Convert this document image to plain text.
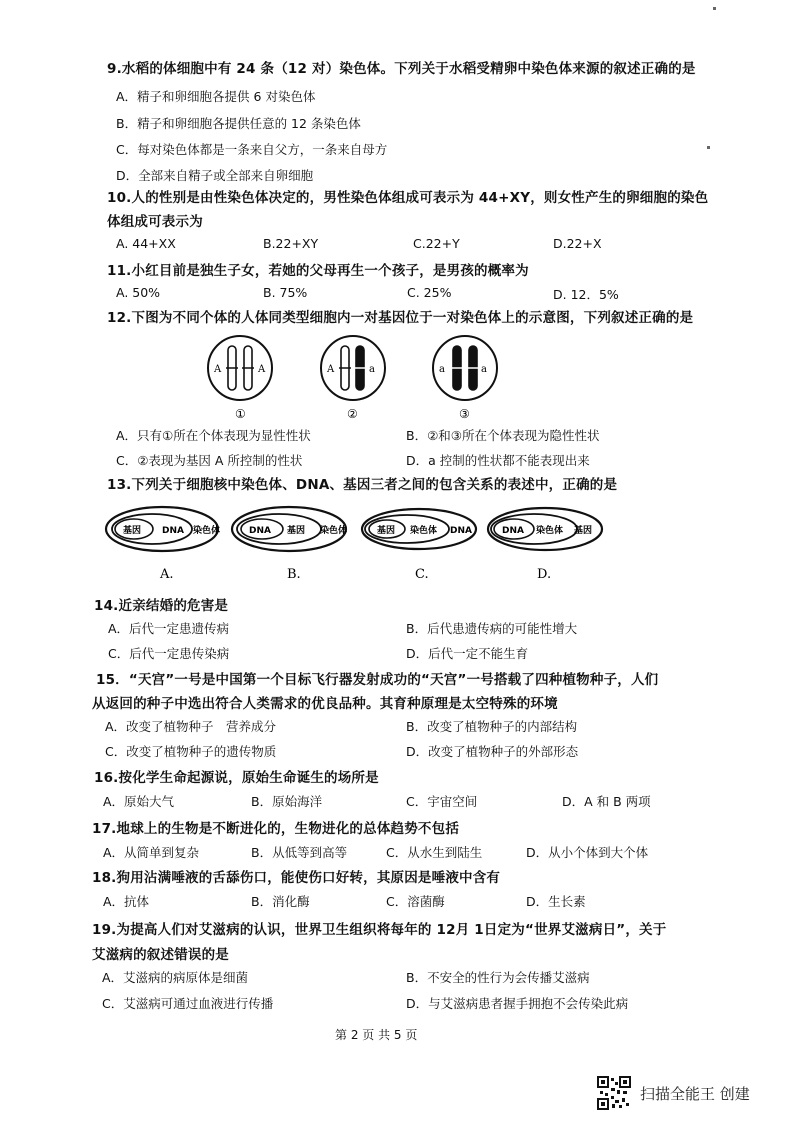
9.水稻的体细胞中有 24 条（12 对）染色体。下列关于水稻受精卵中染色体来源的叙述正确的是
A．精子和卵细胞各提供 6 对染色体
B．精子和卵细胞各提供任意的 12 条染色体
C．每对染色体都是一条来自父方，一条来自母方
D．全部来自精子或全部来自卵细胞
10.人的性别是由性染色体决定的，男性染色体组成可表示为 44+XY，则女性产生的卵细胞的染色
体组成可表示为
A. 44+XX	B.22+XY	C.22+Y	D.22+X
11.小红目前是独生子女，若她的父母再生一个孩子，是男孩的概率为
A. 50%	B. 75%	C. 25%	D. 12．5%
12.下图为不同个体的人体同类型细胞内一对基因位于一对染色体上的示意图，下列叙述正确的是
A	A	A	a	a	a
①	②	③
A．只有①所在个体表现为显性性状	B．②和③所在个体表现为隐性性状
C．②表现为基因 A 所控制的性状	D．a 控制的性状都不能表现出来
13.下列关于细胞核中染色体、DNA、基因三者之间的包含关系的表述中，正确的是
基因 DNA 染色体
A.
DNA 基因 染色体
B.
基因 染色体 DNA
C.
DNA 染色体 基因
D.
14.近亲结婚的危害是
A．后代一定患遗传病	B．后代患遗传病的可能性增大
C．后代一定患传染病	D．后代一定不能生育
15．“天宫”一号是中国第一个目标飞行器发射成功的“天宫”一号搭载了四种植物种子，人们
从返回的种子中选出符合人类需求的优良品种。其育种原理是太空特殊的环境
A．改变了植物种子　营养成分	B．改变了植物种子的内部结构
C．改变了植物种子的遗传物质	D．改变了植物种子的外部形态
16.按化学生命起源说，原始生命诞生的场所是
A．原始大气	B．原始海洋	C．宇宙空间	D．A 和 B 两项
17.地球上的生物是不断进化的，生物进化的总体趋势不包括
A．从简单到复杂	B．从低等到高等	C．从水生到陆生	D．从小个体到大个体
18.狗用沾满唾液的舌舔伤口，能使伤口好转，其原因是唾液中含有
A．抗体	B．消化酶	C．溶菌酶	D．生长素
19.为提高人们对艾滋病的认识，世界卫生组织将每年的 12月 1日定为“世界艾滋病日”，关于
艾滋病的叙述错误的是
A．艾滋病的病原体是细菌	B．不安全的性行为会传播艾滋病
C．艾滋病可通过血液进行传播	D．与艾滋病患者握手拥抱不会传染此病
第 2 页 共 5 页
扫描全能王 创建
